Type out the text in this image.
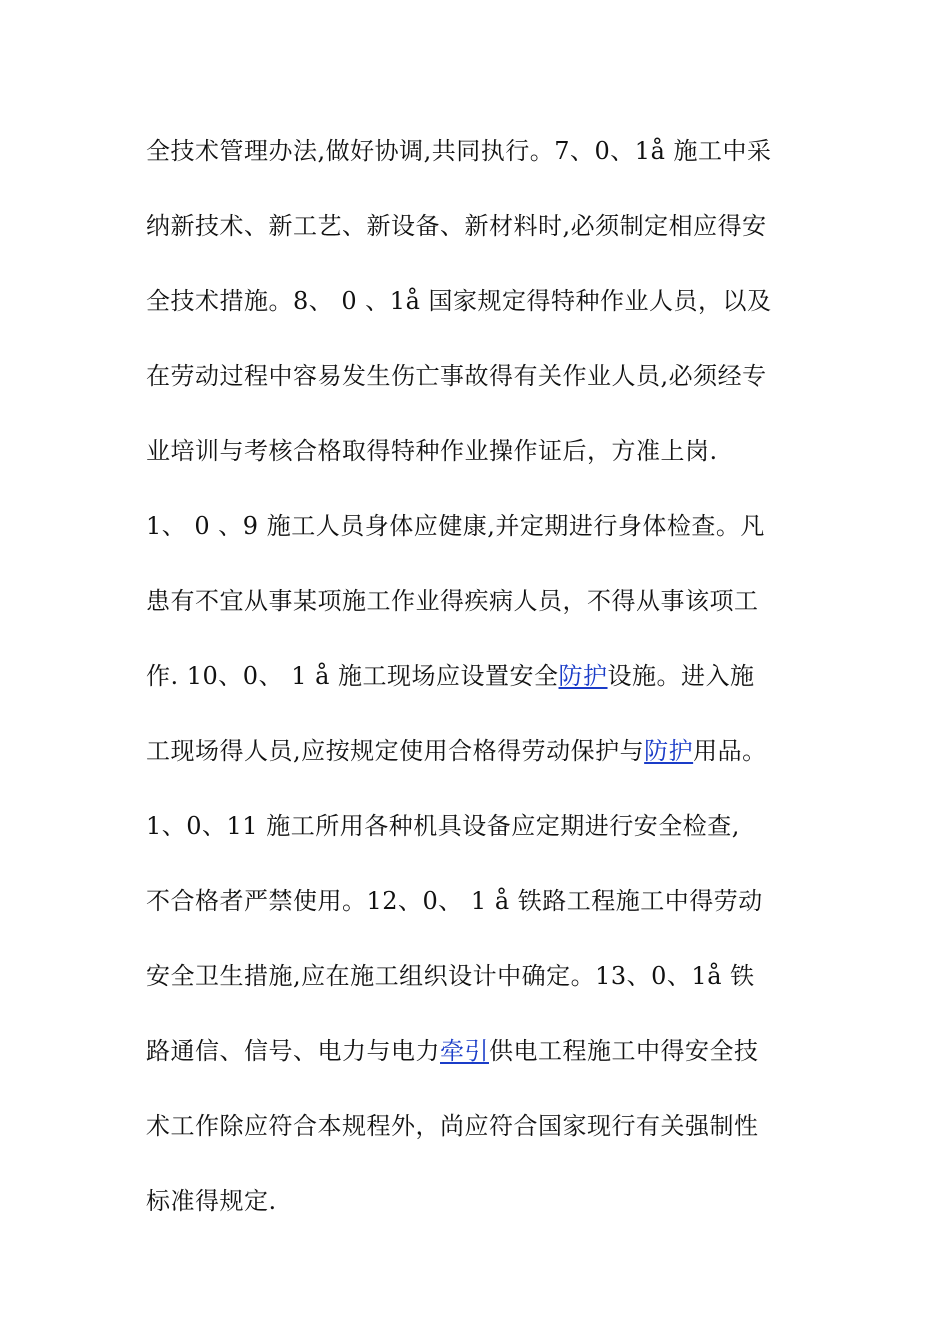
全技术管理办法,做好协调,共同执行。7、0、1å 施工中采
纳新技术、新工艺、新设备、新材料时,必须制定相应得安
全技术措施。8、 0 、1å 国家规定得特种作业人员，以及
在劳动过程中容易发生伤亡事故得有关作业人员,必须经专
业培训与考核合格取得特种作业操作证后，方准上岗.
1、 0 、9 施工人员身体应健康,并定期进行身体检查。凡
患有不宜从事某项施工作业得疾病人员，不得从事该项工
作. 10、0、 1 å 施工现场应设置安全防护设施。进入施
工现场得人员,应按规定使用合格得劳动保护与防护用品。
1、0、11 施工所用各种机具设备应定期进行安全检查,
不合格者严禁使用。12、0、 1 å 铁路工程施工中得劳动
安全卫生措施,应在施工组织设计中确定。13、0、1å 铁
路通信、信号、电力与电力牵引供电工程施工中得安全技
术工作除应符合本规程外，尚应符合国家现行有关强制性
标准得规定.
